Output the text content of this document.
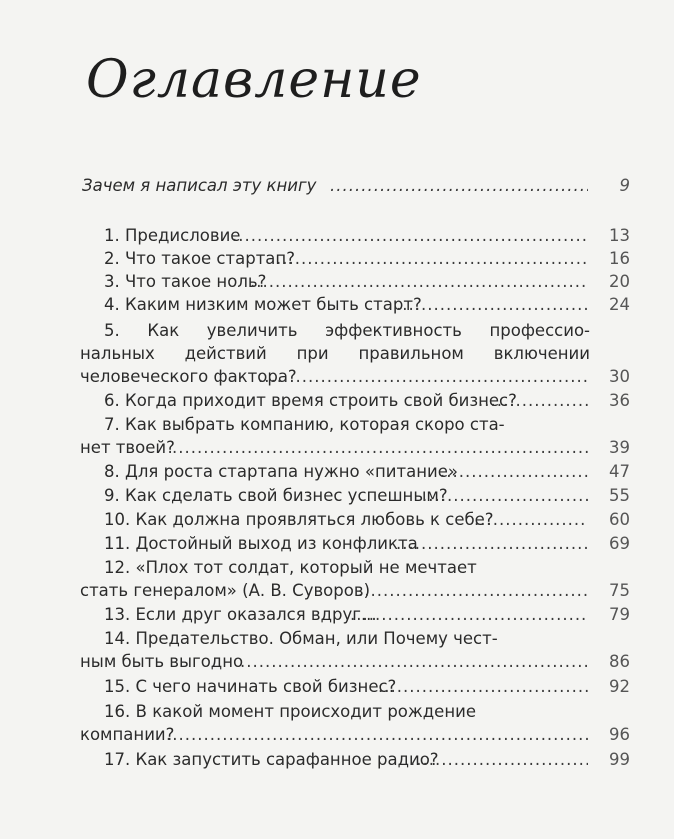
Оглавление
Зачем я написал эту книгу .....	9
1. Предисловие .....	13
2. Что такое стартап? .....	16
3. Что такое ноль? .....	20
4. Каким низким может быть старт? .....	24
5. Как увеличить эффективность профессио-
нальных действий при правильном включении
человеческого фактора? .....	30
6. Когда приходит время строить свой бизнес? .....	36
7. Как выбрать компанию, которая скоро ста-
нет твоей? .....	39
8. Для роста стартапа нужно «питание» .....	47
9. Как сделать свой бизнес успешным? .....	55
10. Как должна проявляться любовь к себе? .....	60
11. Достойный выход из конфликта .....	69
12. «Плох тот солдат, который не мечтает
стать генералом» (А. В. Суворов) .....	75
13. Если друг оказался вдруг... .....	79
14. Предательство. Обман, или Почему чест-
ным быть выгодно .....	86
15. С чего начинать свой бизнес? .....	92
16. В какой момент происходит рождение
компании? .....	96
17. Как запустить сарафанное радио? .....	99
